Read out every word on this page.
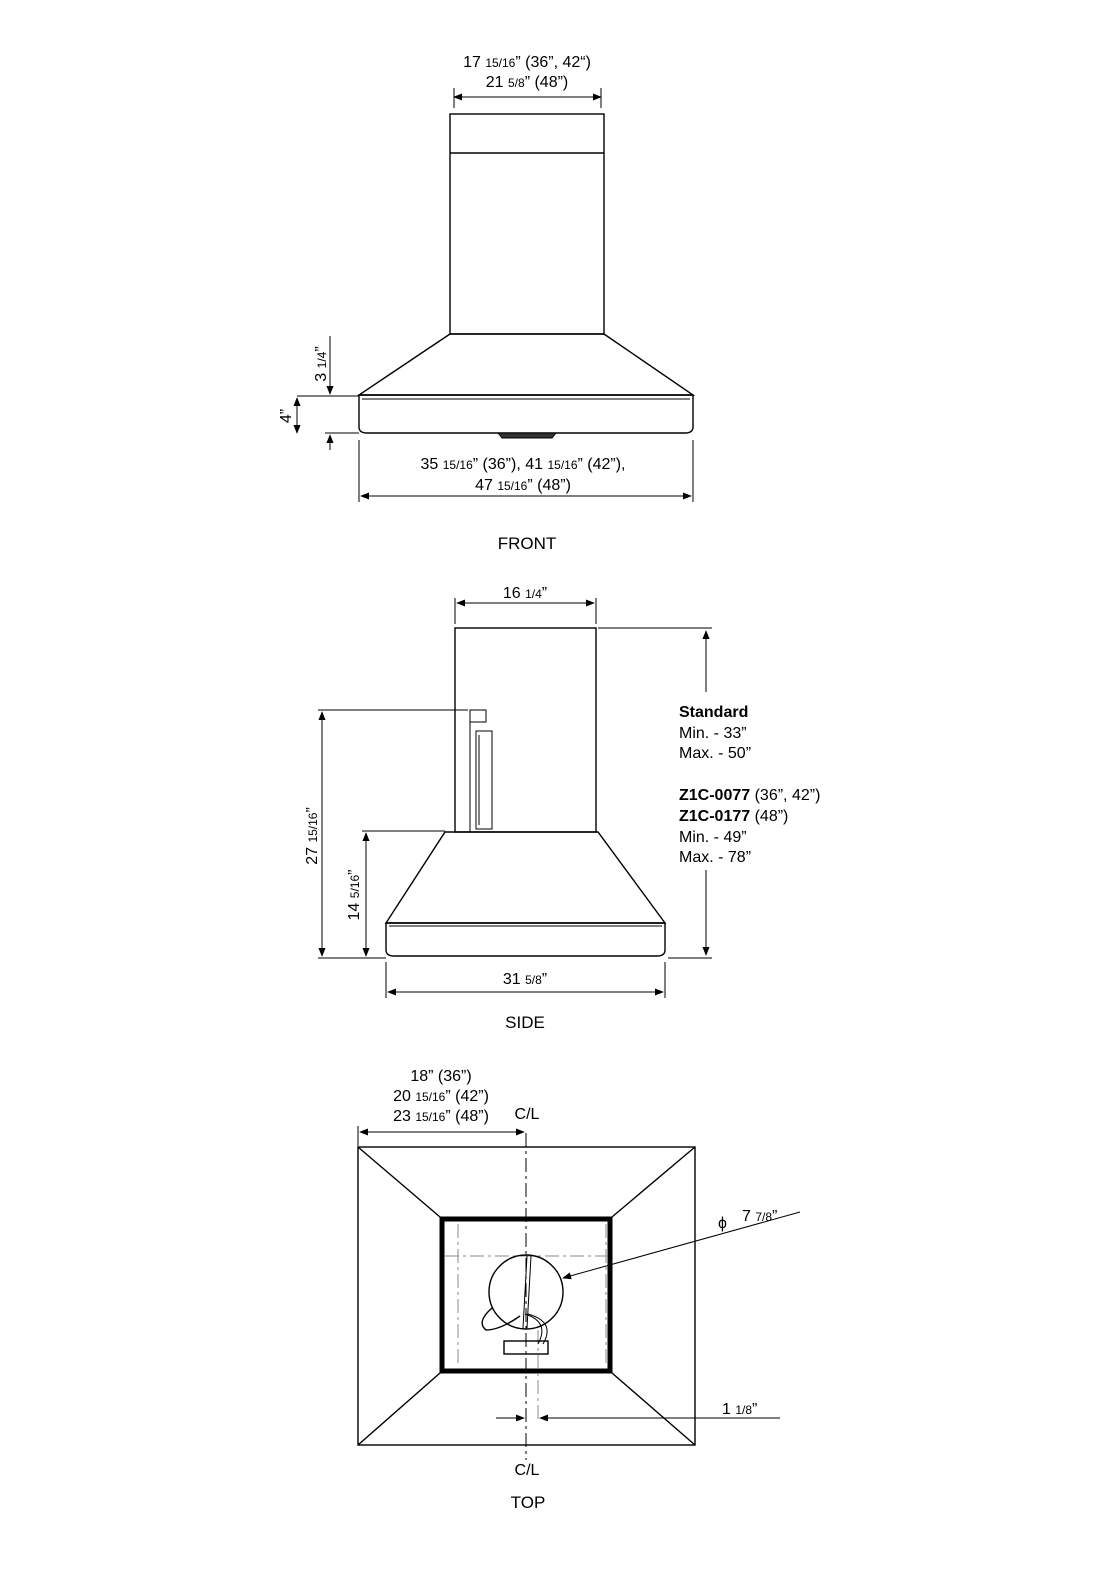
17 15/16” (36”, 42“)
21 5/8” (48”)
3 1/4”
4”
35 15/16” (36”), 41 15/16” (42”),
47 15/16” (48”)
FRONT
16 1/4”
27 15/16”
14 5/16”
Standard
Min. - 33”
Max. - 50”
Z1C-0077 (36”, 42”)
Z1C-0177 (48”)
Min. - 49”
Max. - 78”
31 5/8”
SIDE
18” (36”)
20 15/16” (42”)
23 15/16” (48”) C/L
ϕ 7 7/8”
1 1/8”
C/L
TOP
